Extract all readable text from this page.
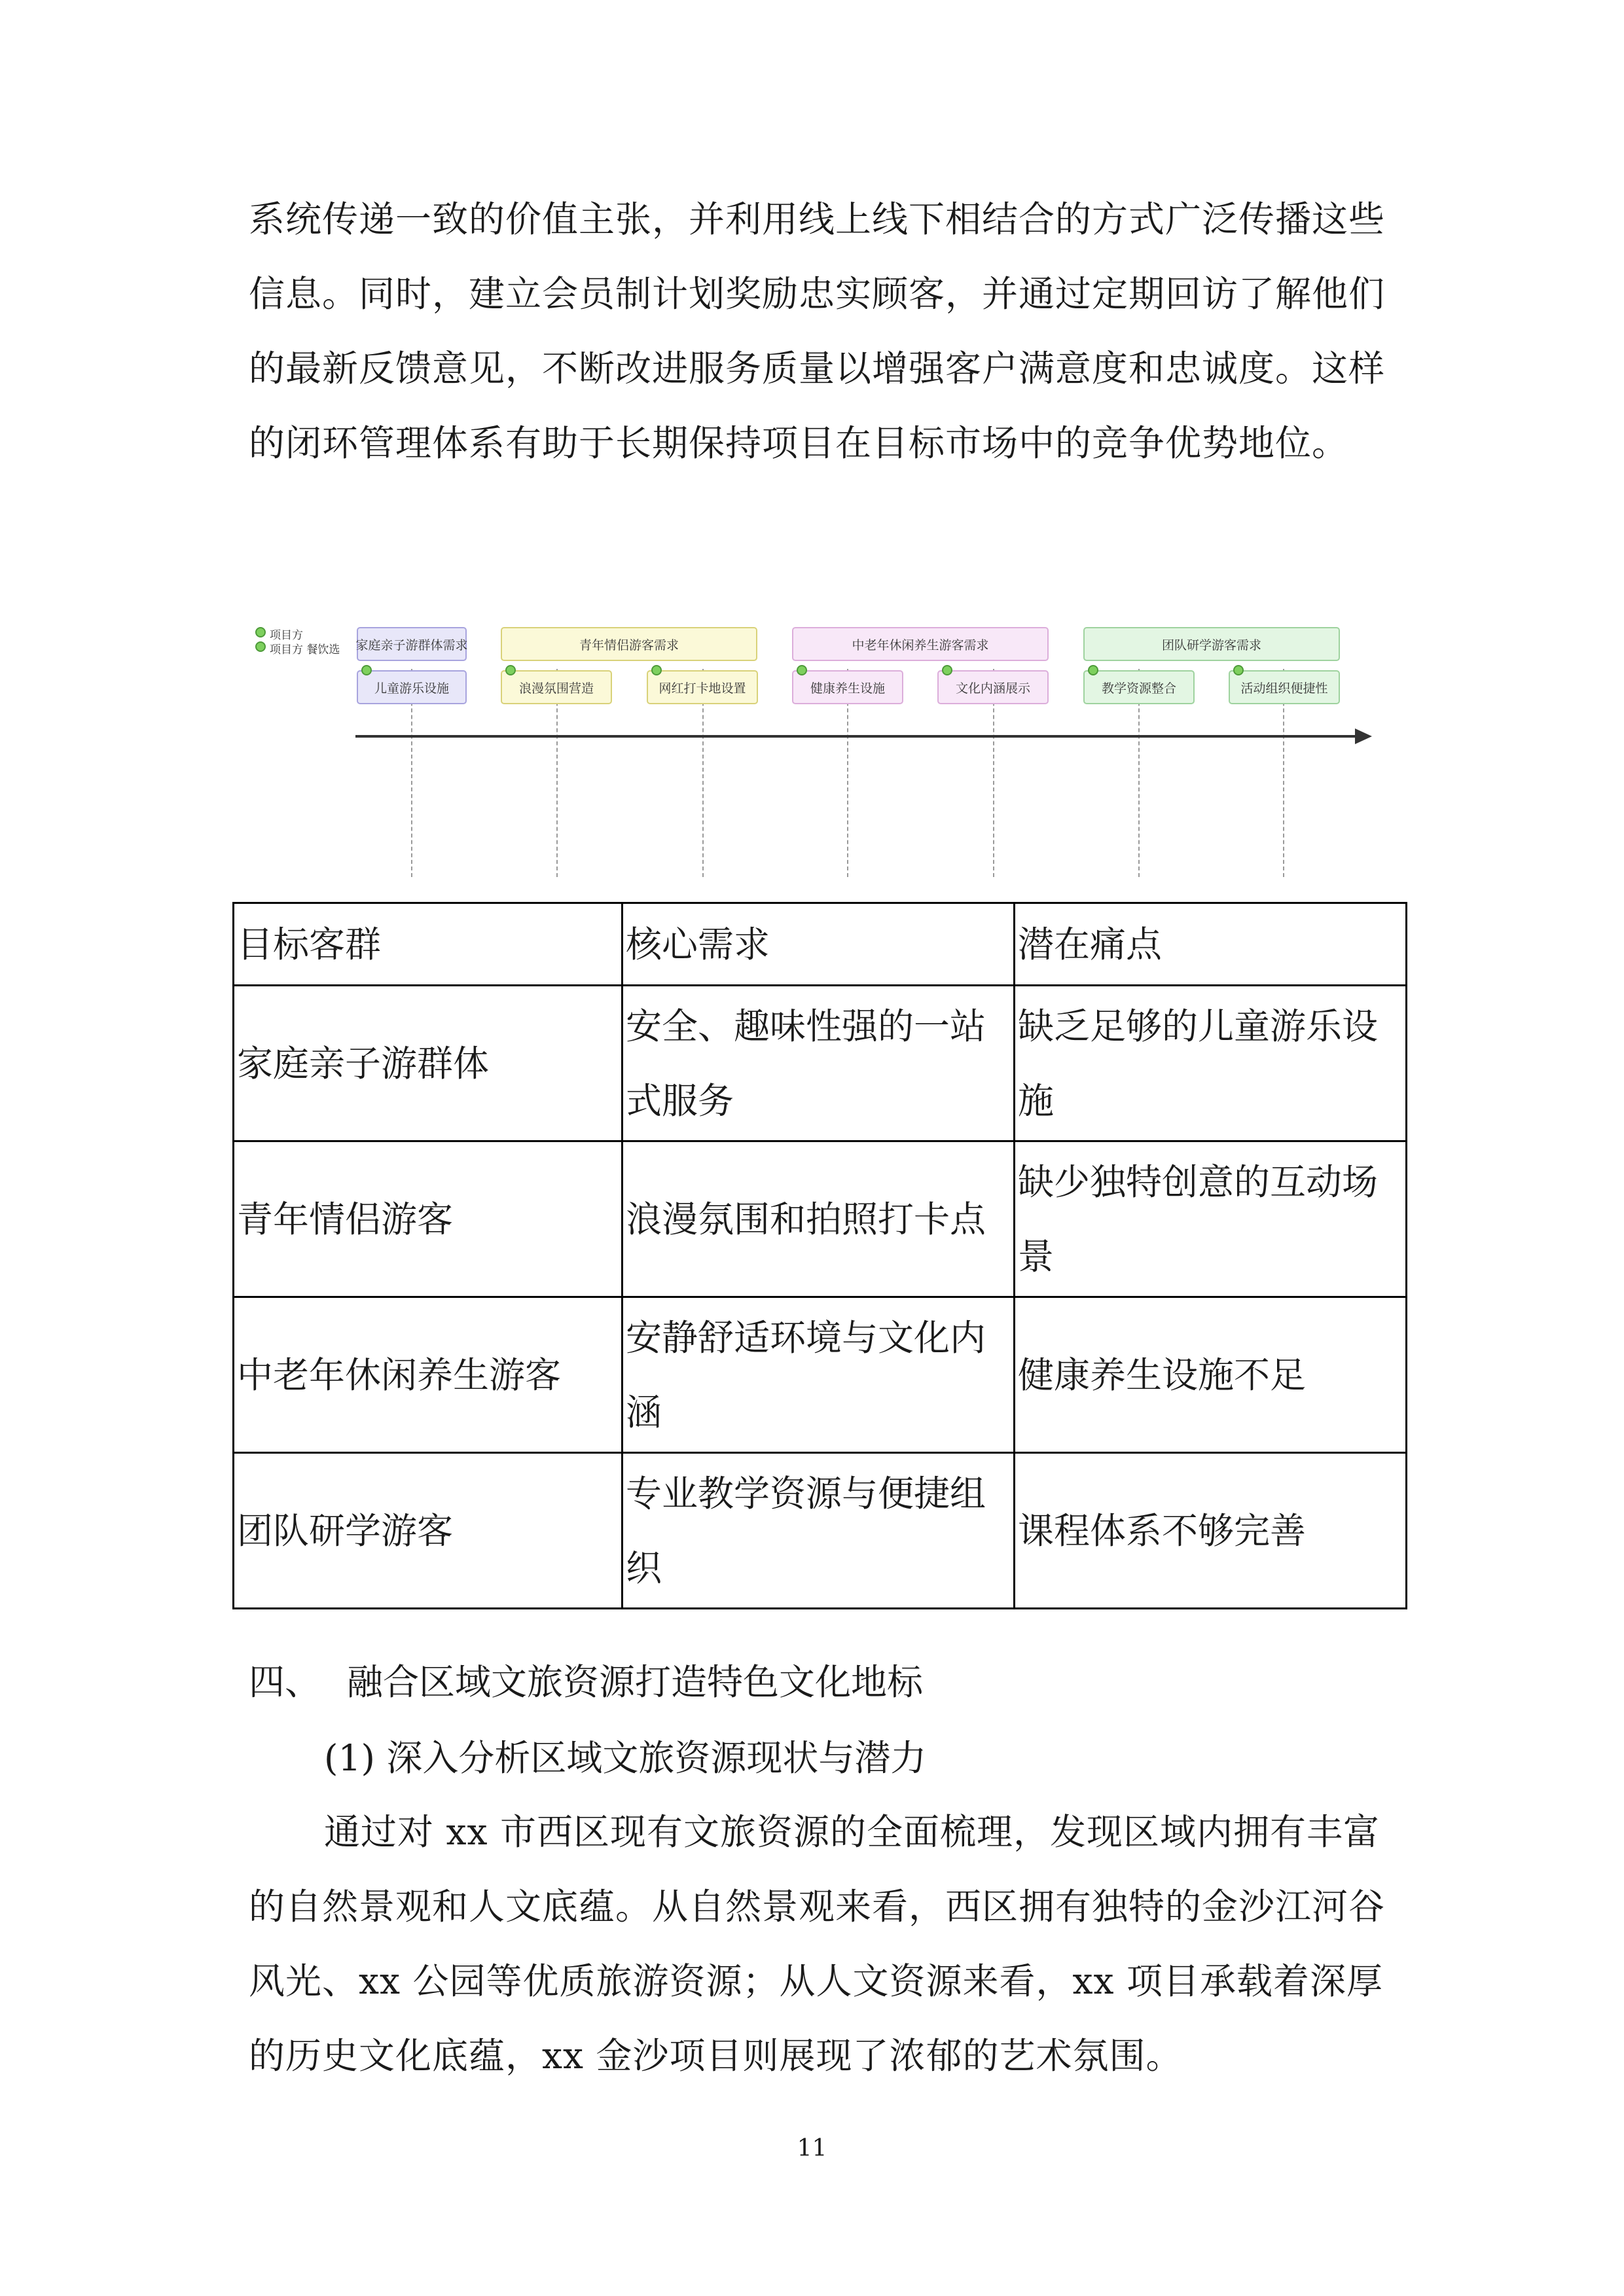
系统传递一致的价值主张，并利用线上线下相结合的方式广泛传播这些信息。同时，建立会员制计划奖励忠实顾客，并通过定期回访了解他们的最新反馈意见，不断改进服务质量以增强客户满意度和忠诚度。这样的闭环管理体系有助于长期保持项目在目标市场中的竞争优势地位。
项目方
项目方 餐饮选 家庭亲子游群体需求	青年情侣游客需求	中老年休闲养生游客需求	团队研学游客需求
儿童游乐设施	浪漫氛围营造	网红打卡地设置	健康养生设施	文化内涵展示	教学资源整合	活动组织便捷性
目标客群	核心需求	潜在痛点
家庭亲子游群体	安全、趣味性强的一站式服务	缺乏足够的儿童游乐设施
青年情侣游客	浪漫氛围和拍照打卡点	缺少独特创意的互动场景
中老年休闲养生游客	安静舒适环境与文化内涵	健康养生设施不足
团队研学游客	专业教学资源与便捷组织	课程体系不够完善
四、 融合区域文旅资源打造特色文化地标
(1) 深入分析区域文旅资源现状与潜力
通过对 xx 市西区现有文旅资源的全面梳理，发现区域内拥有丰富的自然景观和人文底蕴。从自然景观来看，西区拥有独特的金沙江河谷风光、xx 公园等优质旅游资源；从人文资源来看，xx 项目承载着深厚的历史文化底蕴，xx 金沙项目则展现了浓郁的艺术氛围。
11
